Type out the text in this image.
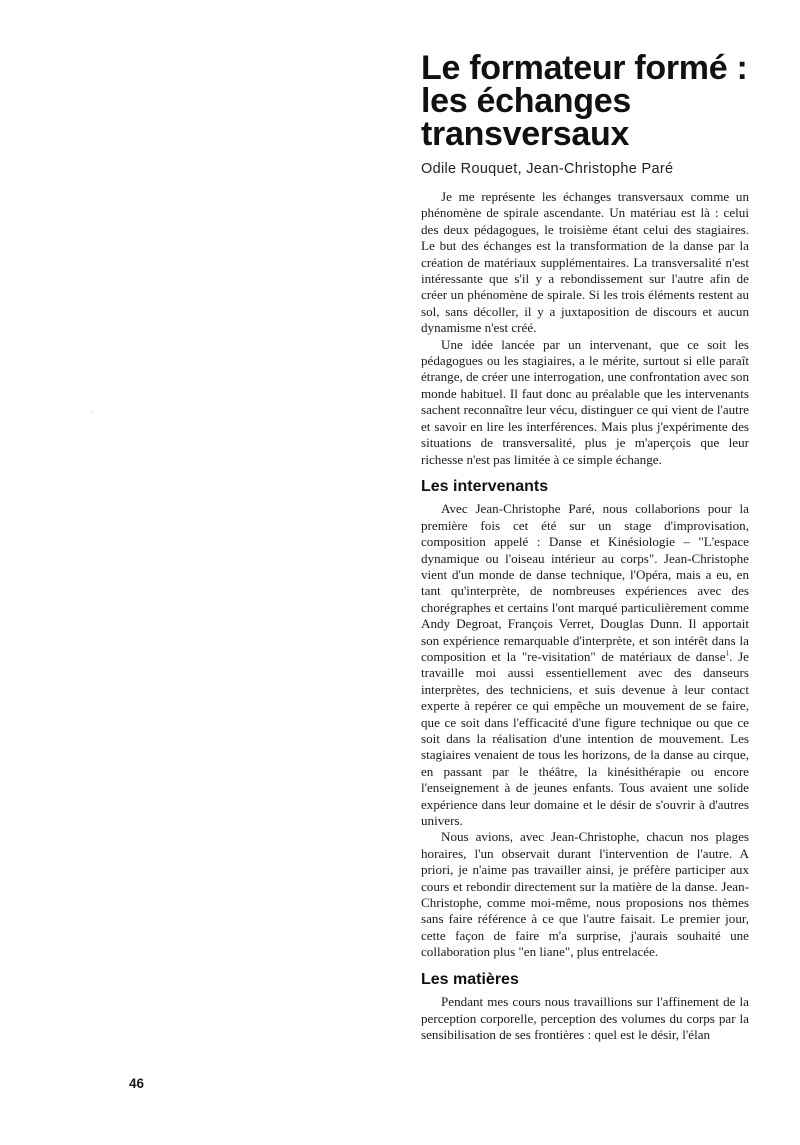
Le formateur formé : les échanges transversaux
Odile Rouquet, Jean-Christophe Paré

Je me représente les échanges transversaux comme un phénomène de spirale ascendante. Un matériau est là : celui des deux pédagogues, le troisième étant celui des stagiaires. Le but des échanges est la transformation de la danse par la création de matériaux supplémentaires. La transversalité n'est intéressante que s'il y a rebondissement sur l'autre afin de créer un phénomène de spirale. Si les trois éléments restent au sol, sans décoller, il y a juxtaposition de discours et aucun dynamisme n'est créé.

Une idée lancée par un intervenant, que ce soit les pédagogues ou les stagiaires, a le mérite, surtout si elle paraît étrange, de créer une interrogation, une confrontation avec son monde habituel. Il faut donc au préalable que les intervenants sachent reconnaître leur vécu, distinguer ce qui vient de l'autre et savoir en lire les interférences. Mais plus j'expérimente des situations de transversalité, plus je m'aperçois que leur richesse n'est pas limitée à ce simple échange.

Les intervenants

Avec Jean-Christophe Paré, nous collaborions pour la première fois cet été sur un stage d'improvisation, composition appelé : Danse et Kinésiologie – "L'espace dynamique ou l'oiseau intérieur au corps". Jean-Christophe vient d'un monde de danse technique, l'Opéra, mais a eu, en tant qu'interprète, de nombreuses expériences avec des chorégraphes et certains l'ont marqué particulièrement comme Andy Degroat, François Verret, Douglas Dunn. Il apportait son expérience remarquable d'interprète, et son intérêt dans la composition et la "re-visitation" de matériaux de danse$^1$. Je travaille moi aussi essentiellement avec des danseurs interprètes, des techniciens, et suis devenue à leur contact experte à repérer ce qui empêche un mouvement de se faire, que ce soit dans l'efficacité d'une figure technique ou que ce soit dans la réalisation d'une intention de mouvement. Les stagiaires venaient de tous les horizons, de la danse au cirque, en passant par le théâtre, la kinésithérapie ou encore l'enseignement à de jeunes enfants. Tous avaient une solide expérience dans leur domaine et le désir de s'ouvrir à d'autres univers.

Nous avions, avec Jean-Christophe, chacun nos plages horaires, l'un observait durant l'intervention de l'autre. A priori, je n'aime pas travailler ainsi, je préfère participer aux cours et rebondir directement sur la matière de la danse. Jean-Christophe, comme moi-même, nous proposions nos thèmes sans faire référence à ce que l'autre faisait. Le premier jour, cette façon de faire m'a surprise, j'aurais souhaité une collaboration plus "en liane", plus entrelacée.

Les matières

Pendant mes cours nous travaillions sur l'affinement de la perception corporelle, perception des volumes du corps par la sensibilisation de ses frontières : quel est le désir, l'élan

46
